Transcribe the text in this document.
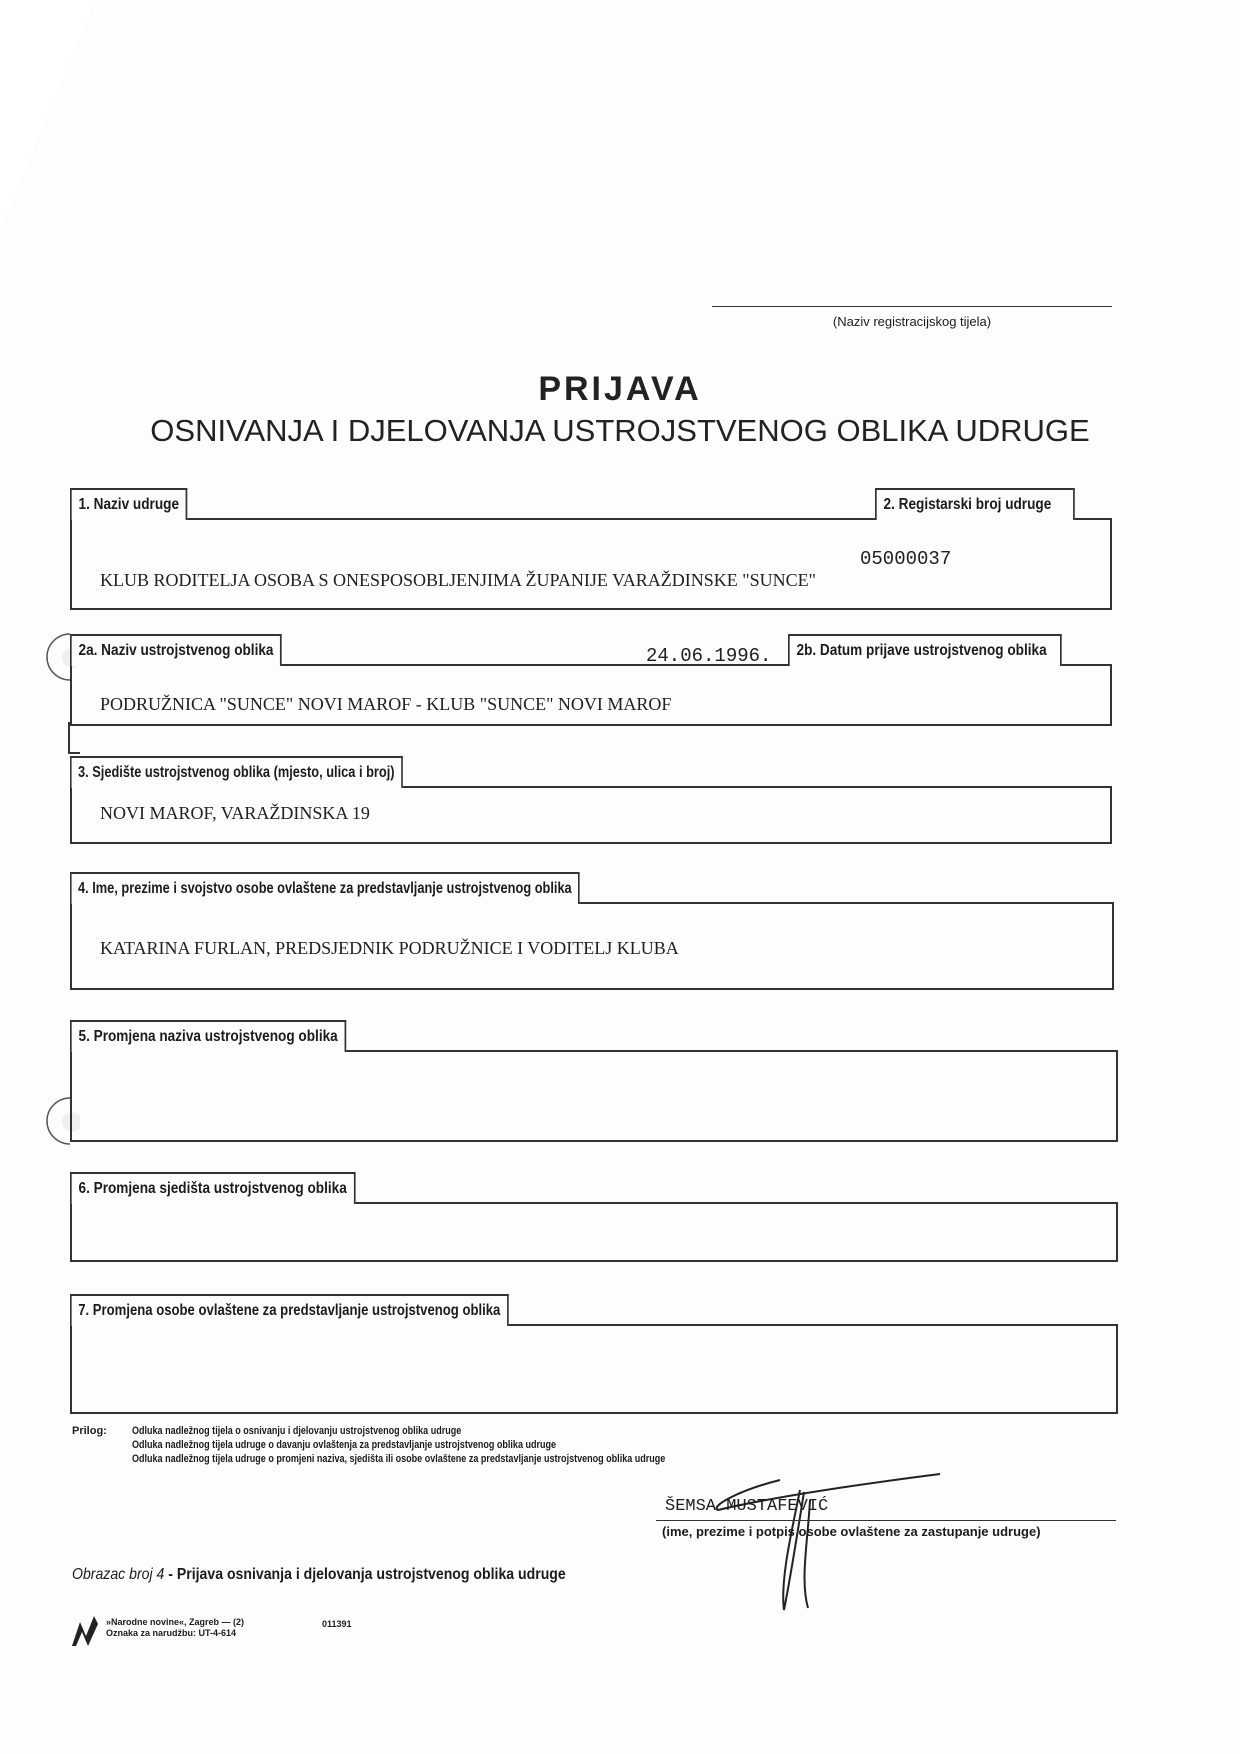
(Naziv registracijskog tijela)
PRIJAVA
OSNIVANJA I DJELOVANJA USTROJSTVENOG OBLIKA UDRUGE
1. Naziv udruge	2. Registarski broj udruge
05000037
KLUB RODITELJA OSOBA S ONESPOSOBLJENJIMA ŽUPANIJE VARAŽDINSKE "SUNCE"
2a. Naziv ustrojstvenog oblika	2b. Datum prijave ustrojstvenog oblika
24.06.1996.
PODRUŽNICA "SUNCE" NOVI MAROF - KLUB "SUNCE" NOVI MAROF
3. Sjedište ustrojstvenog oblika (mjesto, ulica i broj)
NOVI MAROF, VARAŽDINSKA 19
4. Ime, prezime i svojstvo osobe ovlaštene za predstavljanje ustrojstvenog oblika
KATARINA FURLAN, PREDSJEDNIK PODRUŽNICE I VODITELJ KLUBA
5. Promjena naziva ustrojstvenog oblika
6. Promjena sjedišta ustrojstvenog oblika
7. Promjena osobe ovlaštene za predstavljanje ustrojstvenog oblika
Prilog: Odluka nadležnog tijela o osnivanju i djelovanju ustrojstvenog oblika udruge
Odluka nadležnog tijela udruge o davanju ovlaštenja za predstavljanje ustrojstvenog oblika udruge
Odluka nadležnog tijela udruge o promjeni naziva, sjedišta ili osobe ovlaštene za predstavljanje ustrojstvenog oblika udruge
ŠEMSA MUSTAFEVIĆ
(ime, prezime i potpis osobe ovlaštene za zastupanje udruge)
Obrazac broj 4 - Prijava osnivanja i djelovanja ustrojstvenog oblika udruge
»Narodne novine«, Zagreb — (2)
Oznaka za narudžbu: UT-4-614
011391
